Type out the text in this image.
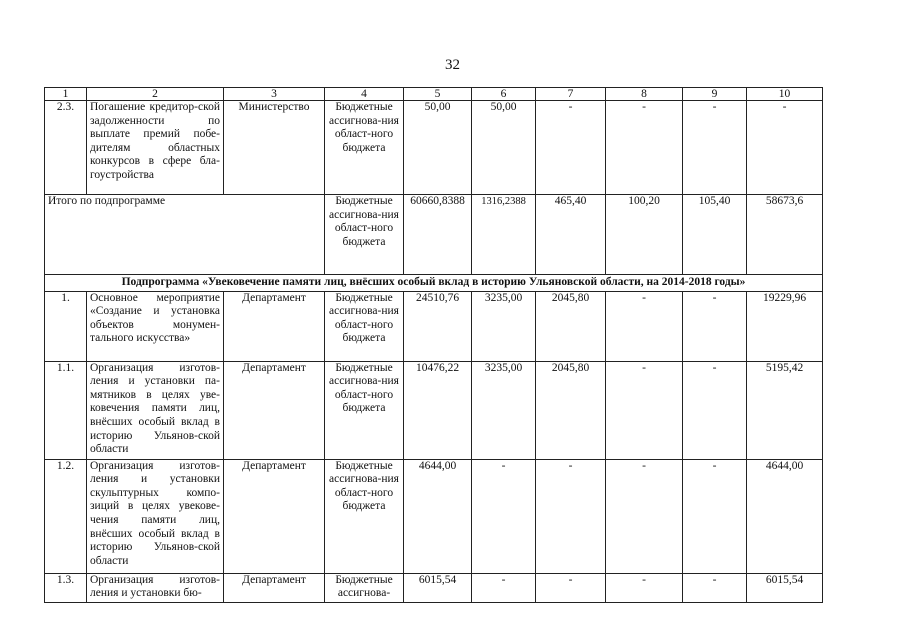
32
1	2	3	4	5	6	7	8	9	10
2.3.	Погашение кредитор-ской задолженности по выплате премий побе-дителям областных конкурсов в сфере бла-гоустройства	Министерство	Бюджетные ассигнова-ния област-ного бюджета	50,00	50,00	-	-	-	-
Итого по подпрограмме			Бюджетные ассигнова-ния област-ного бюджета	60660,8388	1316,2388	465,40	100,20	105,40	58673,6
Подпрограмма «Увековечение памяти лиц, внёсших особый вклад в историю Ульяновской области, на 2014-2018 годы»									
1.	Основное мероприятие «Создание и установка объектов монумен-тального искусства»	Департамент	Бюджетные ассигнова-ния област-ного бюджета	24510,76	3235,00	2045,80	-	-	19229,96
1.1.	Организация изготов-ления и установки па-мятников в целях уве-ковечения памяти лиц, внёсших особый вклад в историю Ульянов-ской области	Департамент	Бюджетные ассигнова-ния област-ного бюджета	10476,22	3235,00	2045,80	-	-	5195,42
1.2.	Организация изготов-ления и установки скульптурных компо-зиций в целях увекове-чения памяти лиц, внёсших особый вклад в историю Ульянов-ской области	Департамент	Бюджетные ассигнова-ния област-ного бюджета	4644,00	-	-	-	-	4644,00
1.3.	Организация изготов-ления и установки бю-	Департамент	Бюджетные ассигнова-	6015,54	-	-	-	-	6015,54
